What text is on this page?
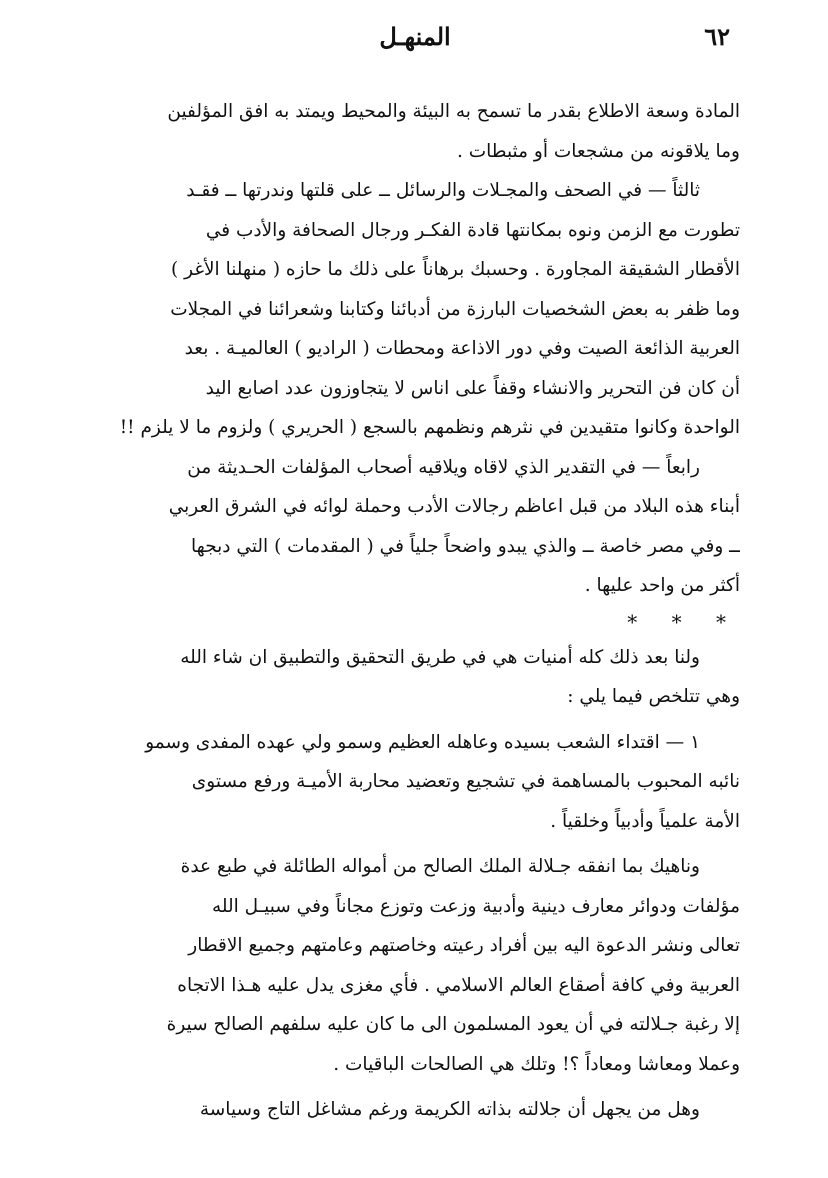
٦٢
المنهـل
المادة وسعة الاطلاع بقدر ما تسمح به البيئة والمحيط ويمتد به افق المؤلفين
وما يلاقونه من مشجعات أو مثبطات .
ثالثاً — في الصحف والمجـلات والرسائل ــ على قلتها وندرتها ــ فقـد
تطورت مع الزمن ونوه بمكانتها قادة الفكـر ورجال الصحافة والأدب في
الأقطار الشقيقة المجاورة . وحسبك برهاناً على ذلك ما حازه ( منهلنا الأغر )
وما ظفر به بعض الشخصيات البارزة من أدبائنا وكتابنا وشعرائنا في المجلات
العربية الذائعة الصيت وفي دور الاذاعة ومحطات ( الراديو ) العالميـة . بعد
أن كان فن التحرير والانشاء وقفاً على اناس لا يتجاوزون عدد اصابع اليد
الواحدة وكانوا متقيدين في نثرهم ونظمهم بالسجع ( الحريري ) ولزوم ما لا يلزم !!
رابعاً — في التقدير الذي لاقاه ويلاقيه أصحاب المؤلفات الحـديثة من
أبناء هذه البلاد من قبل اعاظم رجالات الأدب وحملة لوائه في الشرق العربي
ــ وفي مصر خاصة ــ والذي يبدو واضحاً جلياً في ( المقدمات ) التي دبجها
أكثر من واحد عليها .
* * *
ولنا بعد ذلك كله أمنيات هي في طريق التحقيق والتطبيق ان شاء الله
وهي تتلخص فيما يلي :
١ — اقتداء الشعب بسيده وعاهله العظيم وسمو ولي عهده المفدى وسمو
نائبه المحبوب بالمساهمة في تشجيع وتعضيد محاربة الأميـة ورفع مستوى
الأمة علمياً وأدبياً وخلقياً .
وناهيك بما انفقه جـلالة الملك الصالح من أمواله الطائلة في طبع عدة
مؤلفات ودوائر معارف دينية وأدبية وزعت وتوزع مجاناً وفي سبيـل الله
تعالى ونشر الدعوة اليه بين أفراد رعيته وخاصتهم وعامتهم وجميع الاقطار
العربية وفي كافة أصقاع العالم الاسلامي . فأي مغزى يدل عليه هـذا الاتجاه
إلا رغبة جـلالته في أن يعود المسلمون الى ما كان عليه سلفهم الصالح سيرة
وعملا ومعاشا ومعاداً ؟! وتلك هي الصالحات الباقيات .
وهل من يجهل أن جلالته بذاته الكريمة ورغم مشاغل التاج وسياسة
